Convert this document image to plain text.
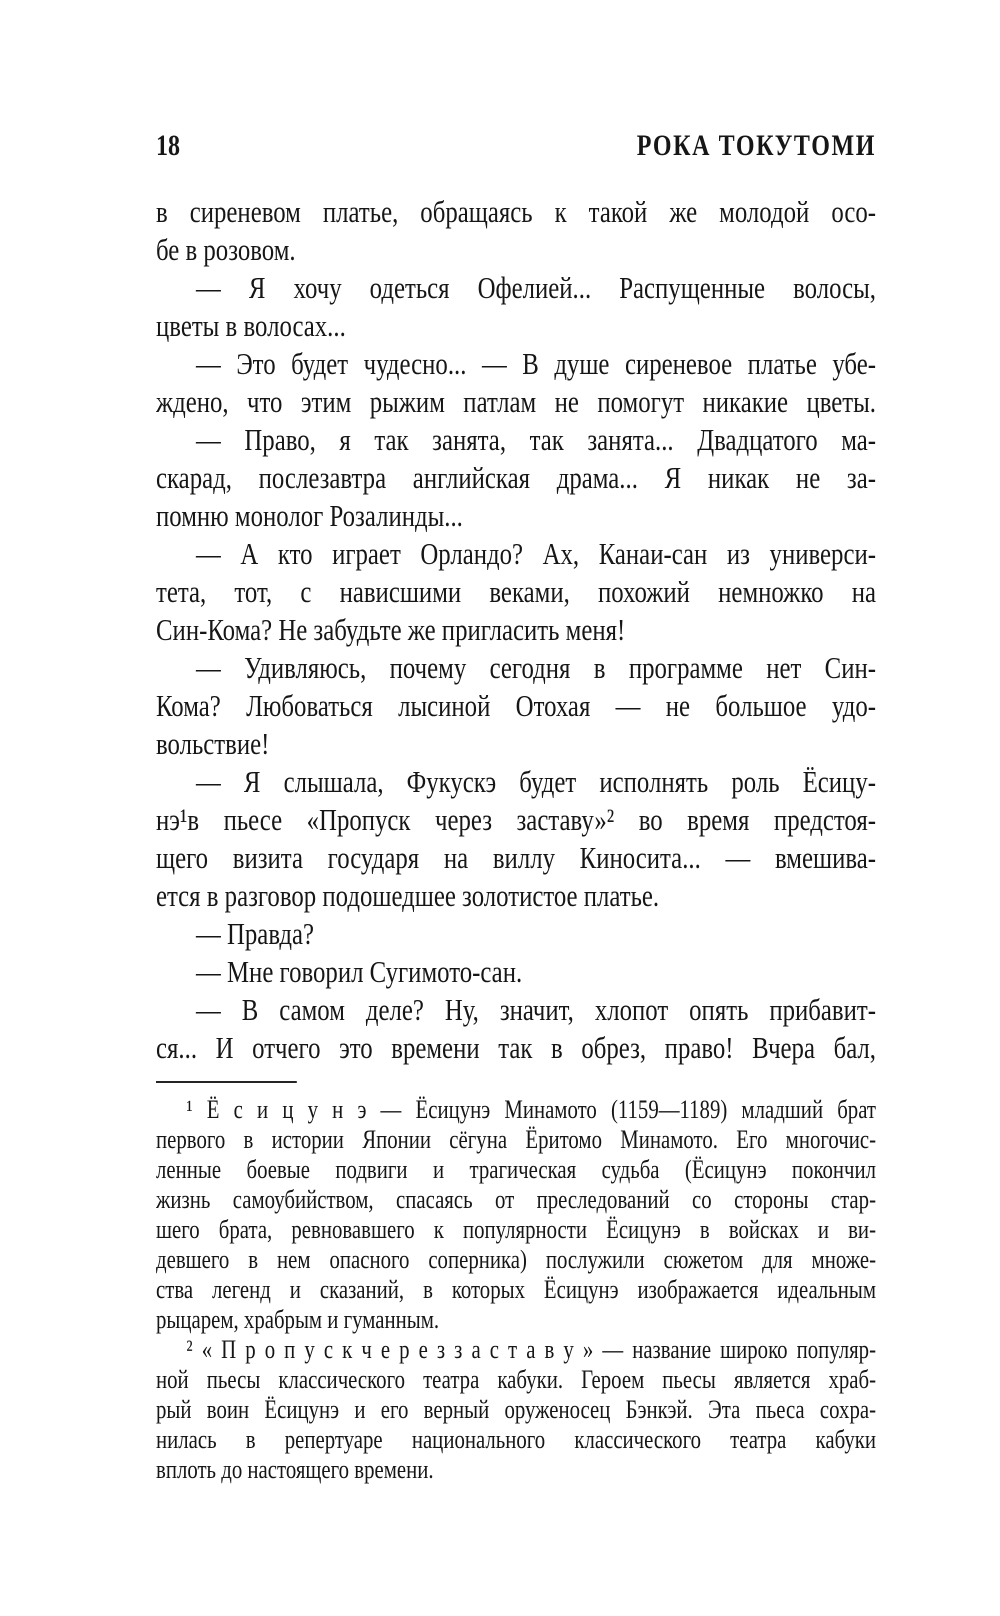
18	РОКА ТОКУТОМИ
в сиреневом платье, обращаясь к такой же молодой осо-
бе в розовом.
— Я хочу одеться Офелией... Распущенные волосы,
цветы в волосах...
— Это будет чудесно... — В душе сиреневое платье убе-
ждено, что этим рыжим патлам не помогут никакие цветы.
— Право, я так занята, так занята... Двадцатого ма-
скарад, послезавтра английская драма... Я никак не за-
помню монолог Розалинды...
— А кто играет Орландо? Ах, Канаи-сан из универси-
тета, тот, с нависшими веками, похожий немножко на
Син-Кома? Не забудьте же пригласить меня!
— Удивляюсь, почему сегодня в программе нет Син-
Кома? Любоваться лысиной Отохая — не большое удо-
вольствие!
— Я слышала, Фукускэ будет исполнять роль Ёсицу-
нэ¹в пьесе «Пропуск через заставу»² во время предстоя-
щего визита государя на виллу Киносита... — вмешива-
ется в разговор подошедшее золотистое платье.
— Правда?
— Мне говорил Сугимото-сан.
— В самом деле? Ну, значит, хлопот опять прибавит-
ся... И отчего это времени так в обрез, право! Вчера бал,
¹ Ё с и ц у н э — Ёсицунэ Минамото (1159—1189) младший брат
первого в истории Японии сёгуна Ёритомо Минамото. Его многочис-
ленные боевые подвиги и трагическая судьба (Ёсицунэ покончил
жизнь самоубийством, спасаясь от преследований со стороны стар-
шего брата, ревновавшего к популярности Ёсицунэ в войсках и ви-
девшего в нем опасного соперника) послужили сюжетом для множе-
ства легенд и сказаний, в которых Ёсицунэ изображается идеальным
рыцарем, храбрым и гуманным.
² « П р о п у с к ч е р е з з а с т а в у » — название широко популяр-
ной пьесы классического театра кабуки. Героем пьесы является храб-
рый воин Ёсицунэ и его верный оруженосец Бэнкэй. Эта пьеса сохра-
нилась в репертуаре национального классического театра кабуки
вплоть до настоящего времени.
